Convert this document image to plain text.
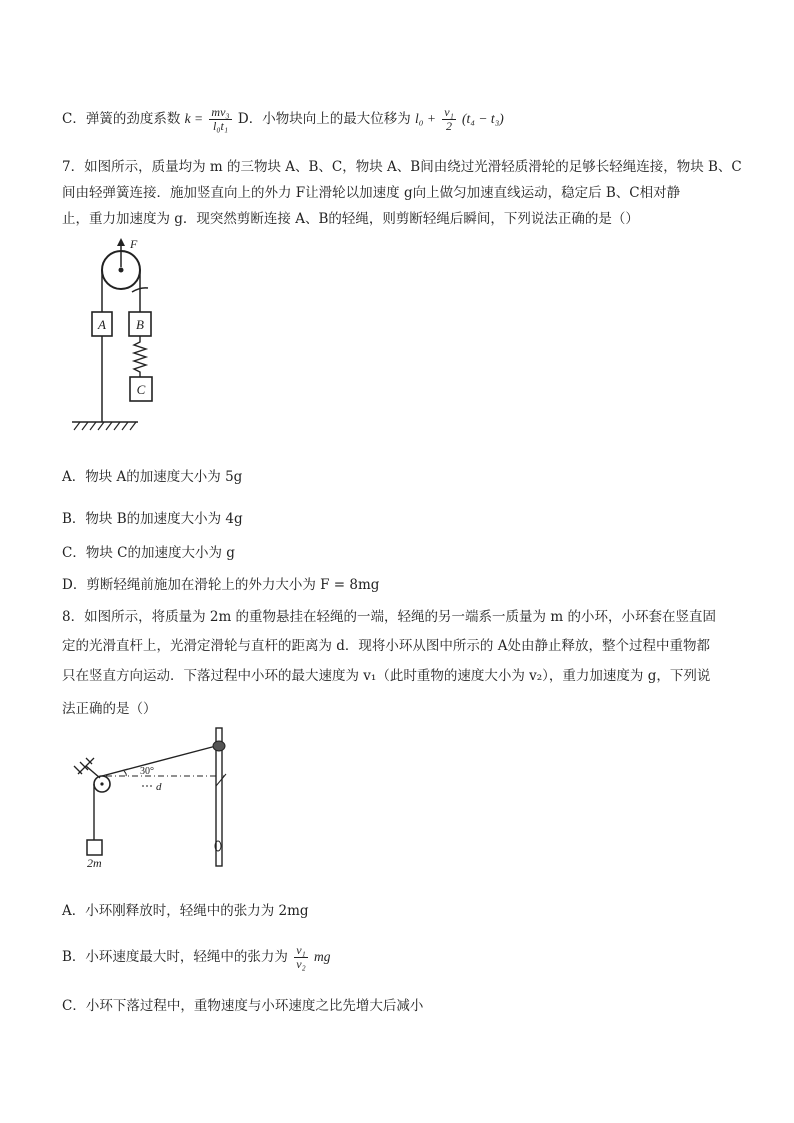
C．弹簧的劲度系数 $k = \frac{\text{mv₃}}{\text{l₀t₁}}$ D．小物块向上的最大位移为 $l_0 + \frac{\text{v₁}}{2} (t_4 - t_3)$
7．如图所示，质量均为 m 的三物块 A、B、C，物块 A、B间由绕过光滑轻质滑轮的足够长轻绳连接，物块 B、C
间由轻弹簧连接．施加竖直向上的外力 F让滑轮以加速度 g向上做匀加速直线运动，稳定后 B、C相对静
止，重力加速度为 g．现突然剪断连接 A、B的轻绳，则剪断轻绳后瞬间，下列说法正确的是（）
F
A B
C
A．物块 A的加速度大小为 5g
B．物块 B的加速度大小为 4g
C．物块 C的加速度大小为 g
D．剪断轻绳前施加在滑轮上的外力大小为 F = 8mg
8．如图所示，将质量为 2m 的重物悬挂在轻绳的一端，轻绳的另一端系一质量为 m 的小环，小环套在竖直固
定的光滑直杆上，光滑定滑轮与直杆的距离为 d．现将小环从图中所示的 A处由静止释放，整个过程中重物都
只在竖直方向运动．下落过程中小环的最大速度为 v₁（此时重物的速度大小为 v₂），重力加速度为 g，下列说
法正确的是（）
30°
d
2m
A．小环刚释放时，轻绳中的张力为 2mg
B．小环速度最大时，轻绳中的张力为 $\frac{\text{v₁}}{\text{v₂}}$ mg
C．小环下落过程中，重物速度与小环速度之比先增大后减小
